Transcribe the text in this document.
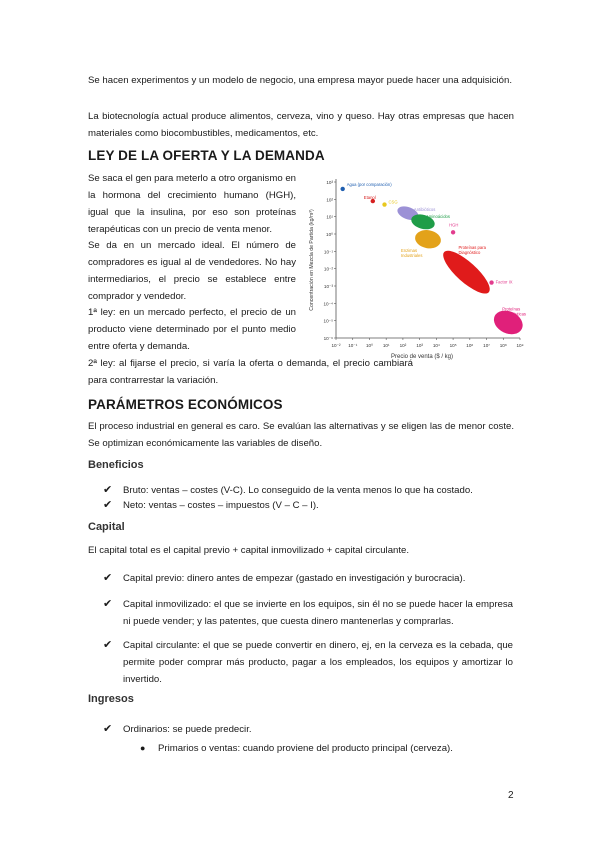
Se hacen experimentos y un modelo de negocio, una empresa mayor puede hacer una adquisición.

La biotecnología actual produce alimentos, cerveza, vino y queso. Hay otras empresas que hacen materiales como biocombustibles, medicamentos, etc.

LEY DE LA OFERTA Y LA DEMANDA

Se saca el gen para meterlo a otro organismo en la hormona del crecimiento humano (HGH), igual que la insulina, por eso son proteínas terapéuticas con un precio de venta menor.

Se da en un mercado ideal. El número de compradores es igual al de vendedores. No hay intermediarios, el precio se establece entre comprador y vendedor.

1ª ley: en un mercado perfecto, el precio de un producto viene determinado por el punto medio entre oferta y demanda.

2ª ley: al fijarse el precio, si varía la oferta o demanda, el precio cambiará para contrarrestar la variación.

10⁻² 10⁻¹ 10⁰ 10¹ 10² 10³ 10⁴ 10⁵ 10⁶ 10⁷ 10⁸ 10⁹
10³
10²
10¹
10⁰
10⁻¹
10⁻²
10⁻³
10⁻⁴
10⁻⁵
10⁻⁶
Agua (por comparación)
Etanol
CSG
Antibióticos
Aminoácidos
Enzimas Industriales
HGH
Proteínas para Diagnóstico
Factor IX
Proteínas Terapéuticas
Precio de venta ($ / kg)
Concentración en Mezcla de Partida (kg/m³)
PARÁMETROS ECONÓMICOS

El proceso industrial en general es caro. Se evalúan las alternativas y se eligen las de menor coste. Se optimizan económicamente las variables de diseño.

Beneficios
✔ Bruto: ventas – costes (V-C). Lo conseguido de la venta menos lo que ha costado.
✔ Neto: ventas – costes – impuestos (V – C – I).
Capital

El capital total es el capital previo + capital inmovilizado + capital circulante.

✔ Capital previo: dinero antes de empezar (gastado en investigación y burocracia).
✔ Capital inmovilizado: el que se invierte en los equipos, sin él no se puede hacer la empresa ni puede vender; y las patentes, que cuesta dinero mantenerlas y comprarlas.
✔ Capital circulante: el que se puede convertir en dinero, ej, en la cerveza es la cebada, que permite poder comprar más producto, pagar a los empleados, los equipos y amortizar lo invertido.
Ingresos
✔ Ordinarios: se puede predecir.
● Primarios o ventas: cuando proviene del producto principal (cerveza).
2
